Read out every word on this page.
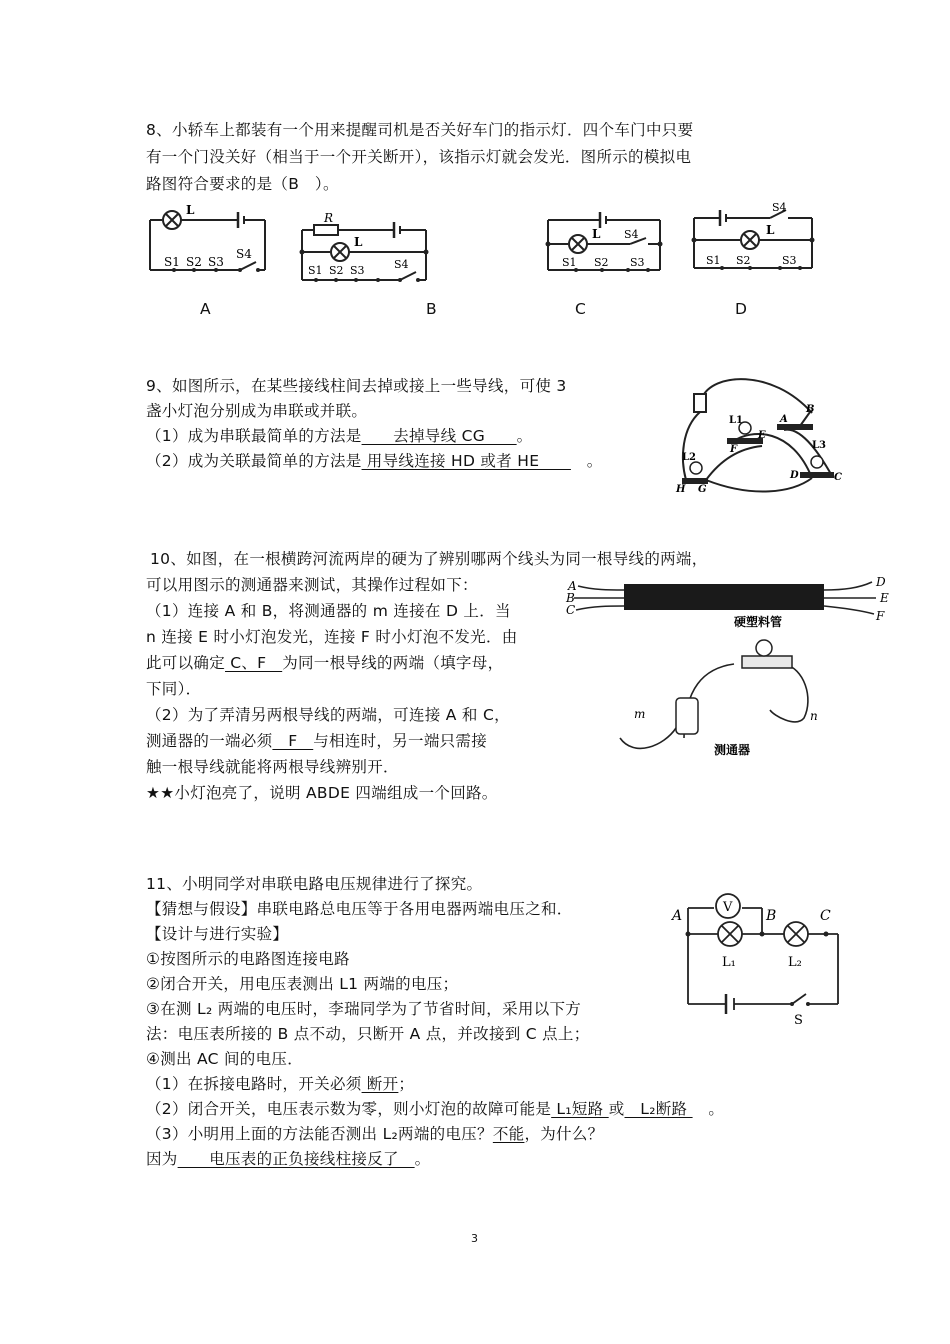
8、小轿车上都装有一个用来提醒司机是否关好车门的指示灯．四个车门中只要
有一个门没关好（相当于一个开关断开），该指示灯就会发光．图所示的模拟电
路图符合要求的是（B　）。
L
S1 S2 S3
S4
R
L
S1 S2 S3	S4
L S4
S1 S2 S3
S4
L
S1 S2	S3
A	B	C	D
9、如图所示，在某些接线柱间去掉或接上一些导线，可使 3
盏小灯泡分别成为串联或并联。
（1）成为串联最简单的方法是　　去掉导线 CG　　。
（2）成为关联最简单的方法是 用导线连接 HD 或者 HE　　　。
L1
L2
L3
A
B
C
D
E
F
G
H
10、如图，在一根横跨河流两岸的硬为了辨别哪两个线头为同一根导线的两端，
可以用图示的测通器来测试，其操作过程如下：
（1）连接 A 和 B，将测通器的 m 连接在 D 上．当
n 连接 E 时小灯泡发光，连接 F 时小灯泡不发光．由
此可以确定 C、F　为同一根导线的两端（填字母，
下同）．
（2）为了弄清另两根导线的两端，可连接 A 和 C，
测通器的一端必须　F　与相连时，另一端只需接
触一根导线就能将两根导线辨别开．
★★小灯泡亮了，说明 ABDE 四端组成一个回路。
A
B
C
D
E
F
硬塑料管
m	n
测通器
11、小明同学对串联电路电压规律进行了探究。
【猜想与假设】串联电路总电压等于各用电器两端电压之和．
【设计与进行实验】
①按图所示的电路图连接电路
②闭合开关，用电压表测出 L1 两端的电压；
③在测 L₂ 两端的电压时，李瑞同学为了节省时间，采用以下方
法：电压表所接的 B 点不动，只断开 A 点，并改接到 C 点上；
④测出 AC 间的电压．
（1）在拆接电路时，开关必须 断开；
（2）闭合开关，电压表示数为零，则小灯泡的故障可能是 L₁短路 或　L₂断路 　。
（3）小明用上面的方法能否测出 L₂两端的电压？不能，为什么？
因为　　电压表的正负接线柱接反了　。
V
A	B	C
L₁	L₂
S
3
